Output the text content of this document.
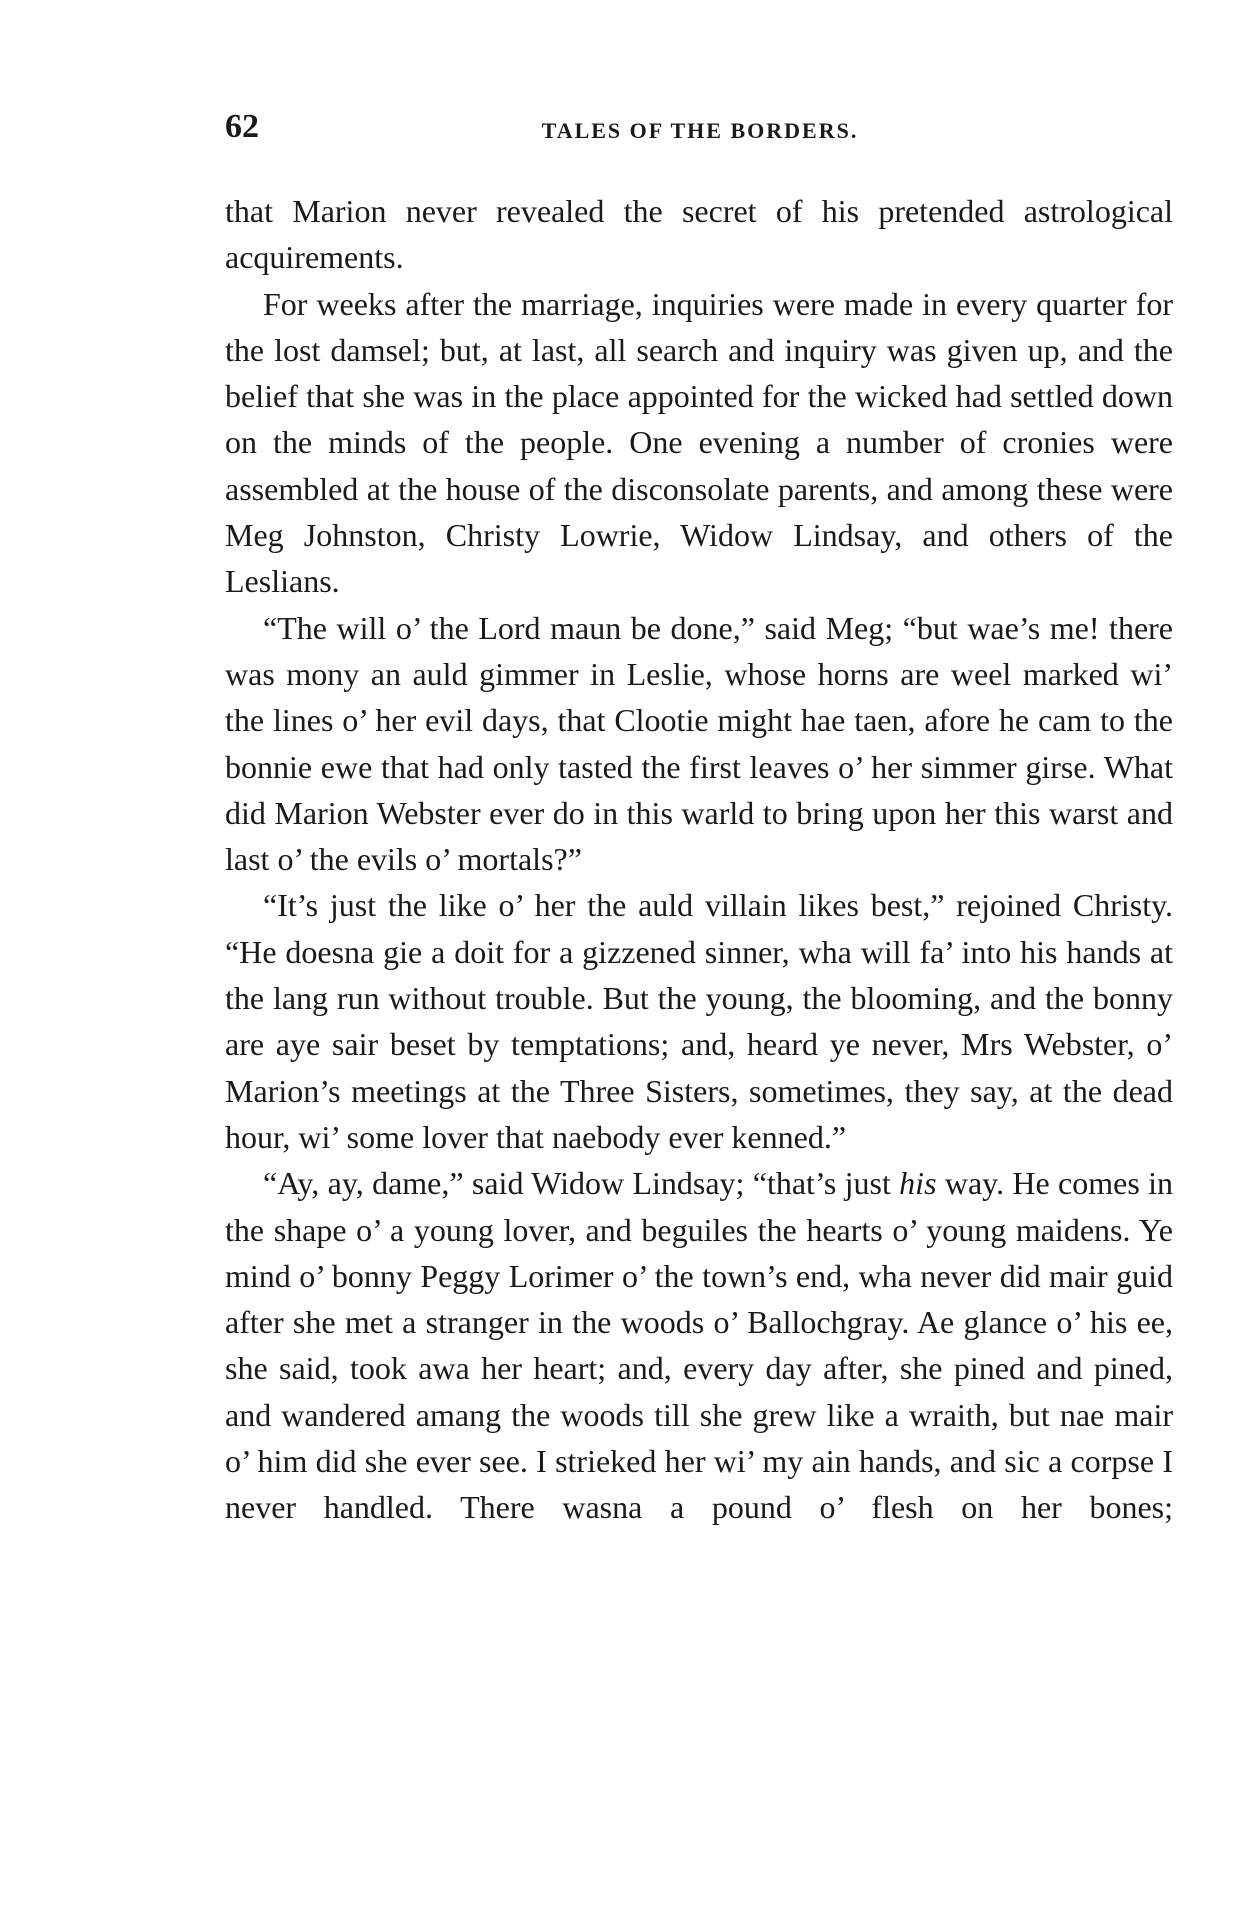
62	TALES OF THE BORDERS.

that Marion never revealed the secret of his pretended astrological acquirements.

For weeks after the marriage, inquiries were made in every quarter for the lost damsel; but, at last, all search and inquiry was given up, and the belief that she was in the place appointed for the wicked had settled down on the minds of the people. One evening a number of cronies were assembled at the house of the disconsolate parents, and among these were Meg Johnston, Christy Lowrie, Widow Lindsay, and others of the Leslians.

“The will o’ the Lord maun be done,” said Meg; “but wae’s me! there was mony an auld gimmer in Leslie, whose horns are weel marked wi’ the lines o’ her evil days, that Clootie might hae taen, afore he cam to the bonnie ewe that had only tasted the first leaves o’ her simmer girse. What did Marion Webster ever do in this warld to bring upon her this warst and last o’ the evils o’ mortals?”

“It’s just the like o’ her the auld villain likes best,” rejoined Christy. “He doesna gie a doit for a gizzened sinner, wha will fa’ into his hands at the lang run without trouble. But the young, the blooming, and the bonny are aye sair beset by temptations; and, heard ye never, Mrs Webster, o’ Marion’s meetings at the Three Sisters, sometimes, they say, at the dead hour, wi’ some lover that naebody ever kenned.”

“Ay, ay, dame,” said Widow Lindsay; “that’s just his way. He comes in the shape o’ a young lover, and beguiles the hearts o’ young maidens. Ye mind o’ bonny Peggy Lorimer o’ the town’s end, wha never did mair guid after she met a stranger in the woods o’ Ballochgray. Ae glance o’ his ee, she said, took awa her heart; and, every day after, she pined and pined, and wandered amang the woods till she grew like a wraith, but nae mair o’ him did she ever see. I strieked her wi’ my ain hands, and sic a corpse I never handled. There wasna a pound o’ flesh on her bones;
